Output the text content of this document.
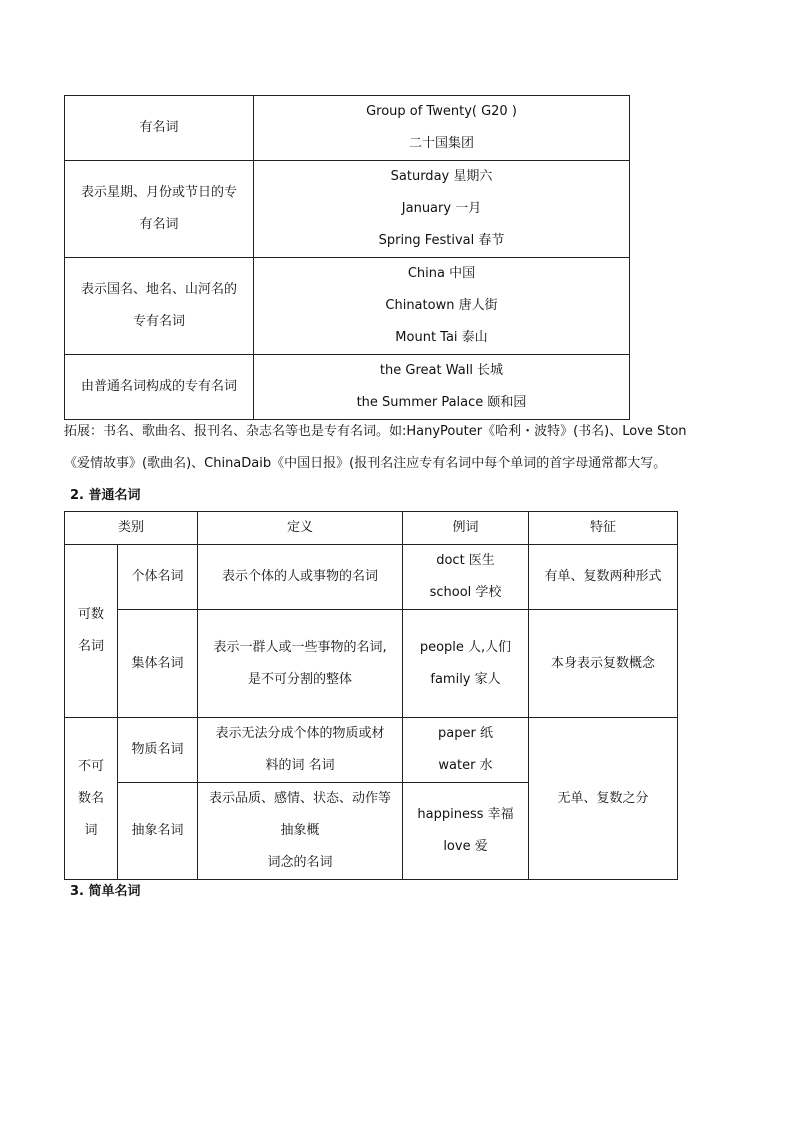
有名词	Group of Twenty( G20 )
二十国集团

表示星期、月份或节日的专
有名词	Saturday 星期六
January 一月
Spring Festival 春节

表示国名、地名、山河名的
专有名词	China 中国
Chinatown 唐人街
Mount Tai 泰山

由普通名词构成的专有名词	the Great Wall 长城
the Summer Palace 颐和园
拓展：书名、歌曲名、报刊名、杂志名等也是专有名词。如:HanyPouter《哈利・波特》(书名)、Love Ston
《爱情故事》(歌曲名)、ChinaDaib《中国日报》(报刊名注应专有名词中每个单词的首字母通常都大写。
2. 普通名词
类别		定义	例词	特征

可数
名词	个体名词	表示个体的人或事物的名词	doct 医生
school 学校	有单、复数两种形式
	集体名词	表示一群人或一些事物的名词,
是不可分割的整体	people 人,人们
family 家人	本身表示复数概念

不可
数名
词	物质名词	表示无法分成个体的物质或材
料的词 名词	paper 纸
water 水	无单、复数之分
	抽象名词	表示品质、感情、状态、动作等
抽象概
词念的名词	happiness 幸福
love 爱	
3. 简单名词
